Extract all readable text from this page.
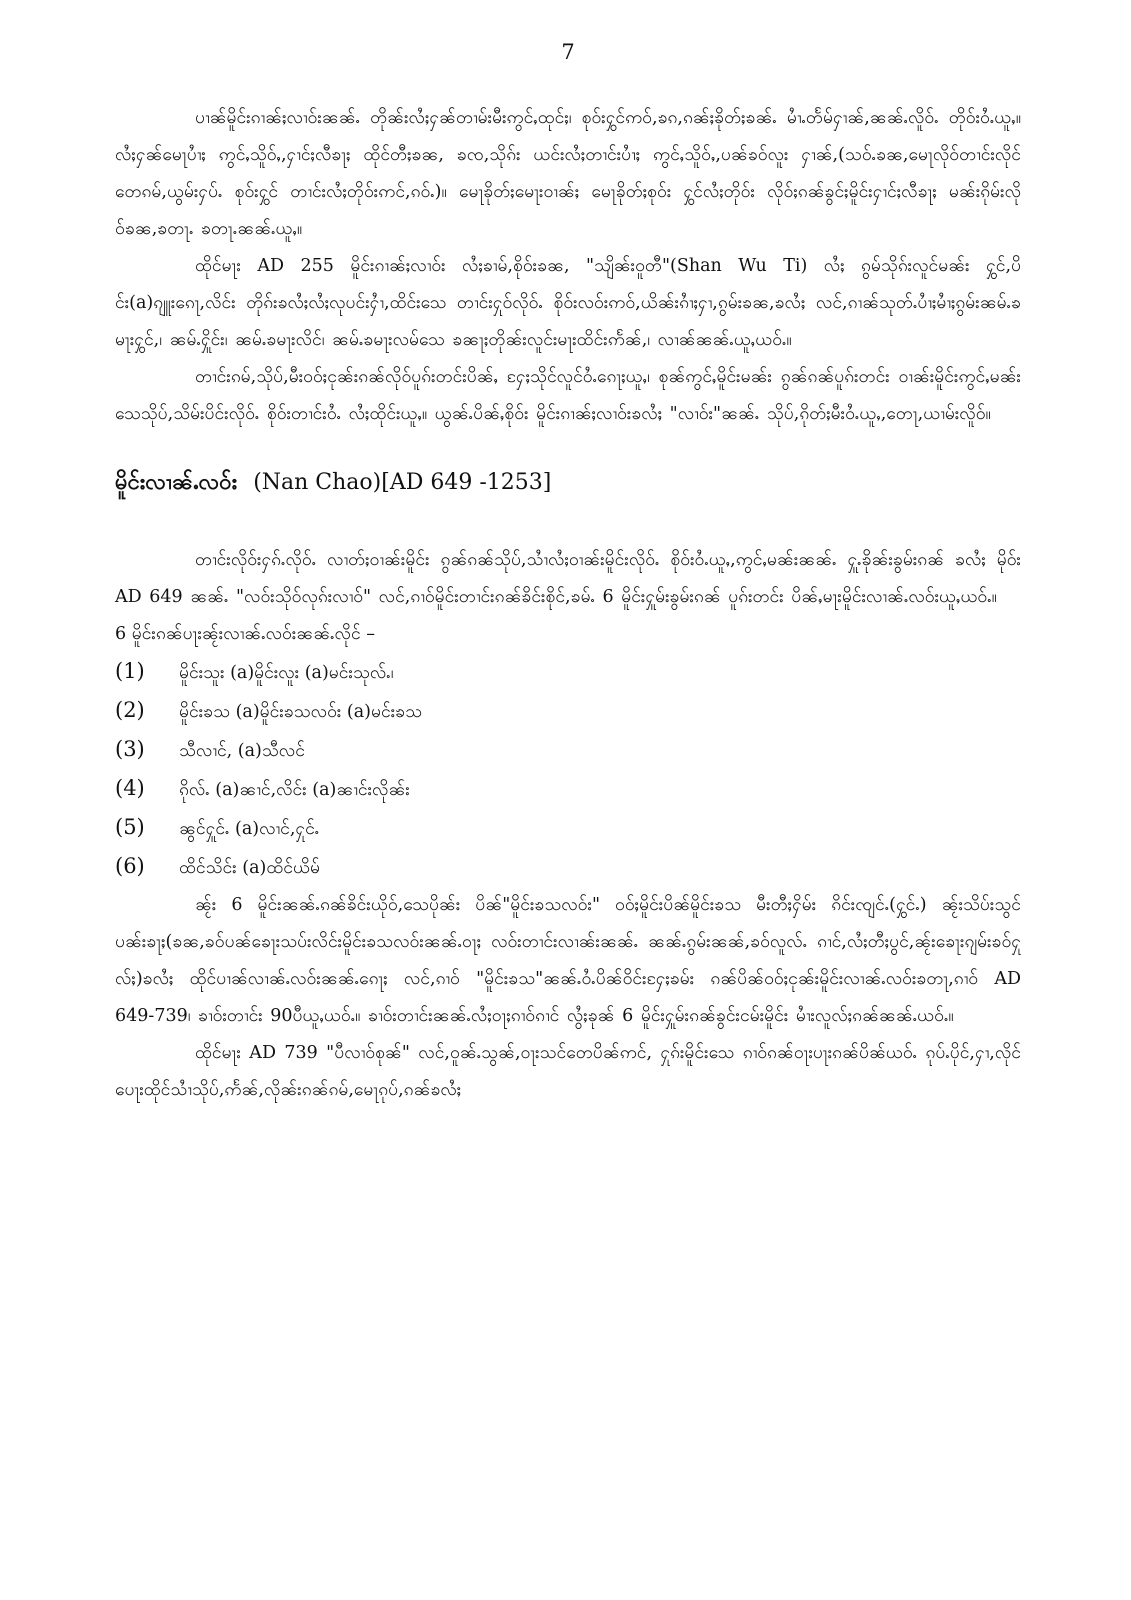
7

ပၢၼ်မိူင်းၵၢၼ်ႈလၢဝ်းၼၼ်ႉ တိုၼ်းလႆႈႁၼ်တၢမ်းမီးဢွင်ႇထုင်ႈ၊ စုဝ်းႁွင်ဢဝ်,ၶၵ,ၵၼ်ႈၶိုတ်ႈၶၼ်ႉ မၢႆႉတႅမ်ႁၢၼ်,ၼၼ်ႉလိူဝ်ႉ တိုဝ်းဝႆႉယူႇ။ လႆႈႁၼ်မေႃပၢႆႈ ဢွင်ႇသိူဝ်ႇ,ႁၢင်ႈလီၶႃႈ ထိုင်တီႈၶၼ, ၶၸ,သိုၵ်း ယင်းလႆႈတၢင်းပၢႆႈ ဢွင်ႇသိူဝ်ႇ,ပၼ်ၶဝ်လူး ႁၢၼ်,(သဝ်ႉၶၼ,မေႃလိုဝ်တၢင်းလိုင် တေၵမ်,ယွမ်းႁပ်ႉ စုဝ်းႁွင် တၢင်းလႆႈတိုဝ်းဢင်,ၵဝ်ႉ)။ မေႃၶိုတ်ႈမေႃးဝၢၼ်ႈ မေႃၶိုတ်ႈစုဝ်း ႁွင်လႆႈတိုဝ်း လိုဝ်ႈၵၼ်ၶွင်ႈမိူင်းႁၢင်ႈလီၶႃႈ မၼ်းၵိုမ်းလိုဝ်ၶၼ,ၶတႃႉ ၶတႃႉၼၼ်ႉယူႇ။

ထိုင်မႃး AD 255 မိူင်းၵၢၼ်ႈလၢဝ်း လႆႈၶၢမ်,စိုဝ်းၶၼ, "သျိၼ်းဝူတီ"(Shan Wu Ti) လႆႈ ၵွမ်သိုၵ်းလူင်မၼ်း ႁွင်,ပိင်း(a)ၵျူးၵေႃ,လိင်း တိုၵ်းၶလႆႈလႆႈလုပင်းႁၢႆ,ထိင်းသေ တၢင်းႁုဝ်လိုဝ်ႉ စိုဝ်းလဝ်းဢဝ်,ယိၼ်းၵၢႆႈႁၢ,ၵွမ်းၶၼ,ၶလႆႈ လင်,ၵၢၼ်သုတ်ႉပၢႆႈမၢႆႈၵွမ်းၼမ်ႉၶမႃးႁွင်,၊ ၼမ်ႉႁိူင်း၊ ၼမ်ႉၶမႃးလိင်၊ ၼမ်ႉၶမႃးလမ်သေ ၶၼႃႈတိုၼ်းလူင်းမႃးထိင်းဢႅၼ်,၊ လၢၼ်ၼၼ်ႉယူႇယဝ်ႉ။

တၢင်းၵမ်,သိုပ်,မီးဝဝ်ႈငုၼ်းၵၼ်လိုဝ်ပူၵ်းတင်းပိၼ်ႇ ႁႄႈသိုင်လူင်ဝႆႉၵေႃႈယူႇ၊ စုၼ်ဢွင်ႇမိူင်းမၼ်း ၵွၼ်ၵၼ်ပူၵ်းတင်း ဝၢၼ်းမိူင်းဢွင်ႇမၼ်းသေသိုပ်,သိမ်းပိင်းလိုဝ်ႉ စိုဝ်းတၢင်းဝႆႉ လႆႈထိုင်းယူႇ။ ယွၼ်ႉပိၼ်ႇစိုဝ်း မိူင်းၵၢၼ်ႈလၢဝ်းၶလႆႈ "လၢဝ်း"ၼၼ်ႉ သိုပ်,ၵိုတ်ႈမီးဝႆႉယူႇ,တေႃ,ယၢမ်းလိူဝ်။

မိူင်းလၢၼ်ႉလဝ်း (Nan Chao)[AD 649 -1253]

တၢင်းလိုဝ်းႁၵ်ႉလိုဝ်ႉ လၢတ်ႈဝၢၼ်းမိူင်း ၵွၼ်ၵၼ်သိုပ်,သၢႆလႆႈဝၢၼ်းမိူင်းလိုဝ်ႉ စိုဝ်းဝႆႉယူႇ,ဢွင်ႇမၼ်းၼၼ်ႉ ႁူႉၶိုၼ်းၶွမ်းၵၼ် ၶလႆႈ မိုဝ်း AD 649 ၼၼ်ႉ "လဝ်းသိုဝ်လုၵ်းလၢဝ်" လင်,ၵၢဝ်မိူင်းတၢင်းၵၼ်ၶိင်းစိုင်,ၶမ်ႉ 6 မိူင်းႁူမ်းၶွမ်းၵၼ် ပူၵ်းတင်း ပိၼ်ႇမႃးမိူင်းလၢၼ်ႉလဝ်းယူႇယဝ်ႉ။

6 မိူင်းၵၼ်ပႃးၼႂ်းလၢၼ်ႉလဝ်းၼၼ်ႉလိုင် –

(1)	မိူင်းသူး (a)မိူင်းလူး (a)မင်းသုလ်ႉ၊
(2)	မိူင်းၶသ (a)မိူင်းၶသလဝ်း (a)မင်းၶသ
(3)	သီလၢင်, (a)သီလင်
(4)	ၵိုလ်ႉ (a)ၼၢင်,လိင်း (a)ၼၢင်းလိုၼ်း
(5)	ၼွင်ႁူင်ႉ (a)လၢင်,ႁုင်ႉ
(6)	ထိင်သိင်း (a)ထိင်ယိမ်

ၼႂ်း 6 မိူင်းၼၼ်ႉၵၼ်ၶိင်းယိုဝ်,သေပိုၼ်း ပိၼ်"မိူင်းၶသလဝ်း" ဝဝ်ႈမိူင်းပိၼ်မိူင်းၶသ မီးတီႈႁိမ်း ၵိင်းၸျင်ႉ(ႁွင်ႉ) ၼႂ်းသိပ်းသွင်ပၼ်းၶႃႈ(ၶၼ,ၶဝ်ပၼ်ၶေႃးသပ်းလိင်းမိူင်းၶသလဝ်းၼၼ်ႉဝႃႈ လဝ်းတၢင်းလၢၼ်းၼၼ်ႉ ၼၼ်ႉၵွမ်းၼၼ်,ၶဝ်လူလ်ႉ ၵၢင်,လႆႈတီႈပွင်,ၼႂ်းၶေႃးၵျမ်းၶဝ်ႁုလ်ႈ)ၶလႆႈ ထိုင်ပၢၼ်လၢၼ်ႉလဝ်းၼၼ်ႉၵေႃႈ လင်,ၵၢဝ် "မိူင်းၶသ"ၼၼ်ႉဝႆႉပိၼ်ဝိင်းႁႄႈၶမ်း ၵၼ်ပိၼ်ဝဝ်ႈငုၼ်းမိူင်းလၢၼ်ႉလဝ်းၶတႃ,ၵၢဝ် AD 649-739၊ ၶၢဝ်းတၢင်း 90ပီယူႇယဝ်ႉ။ ၶၢဝ်းတၢင်းၼၼ်ႉလႆႈဝႃႈၵၢဝ်ၵၢင် လွႆႈၶုၼ် 6 မိူင်းႁူမ်းၵၼ်ၶွင်းငမ်းမိူင်း မၢႆးလူလ်ႈၵၼ်ၼၼ်ႉယဝ်ႉ။

ထိုင်မႃး AD 739 "ပီလၢဝ်စုၼ်" လင်,ဝူၼ်ႉသွၼ်,ဝႃးသင်တေပိၼ်ဢင်, ႁုၵ်းမိူင်းသေ ၵၢဝ်ၵၼ်ဝႃးပႃးၵၼ်ပိၼ်ယဝ်ႉ ၵုပ်ႉပိုင်,ႁၢ,လိုင်ပေႃးထိုင်သၢႆသိုပ်,ဢႅၼ်,လိုၼ်းၵၼ်ၵမ်,မေႃၵုပ်,ၵၼ်ၶလႆႈ
